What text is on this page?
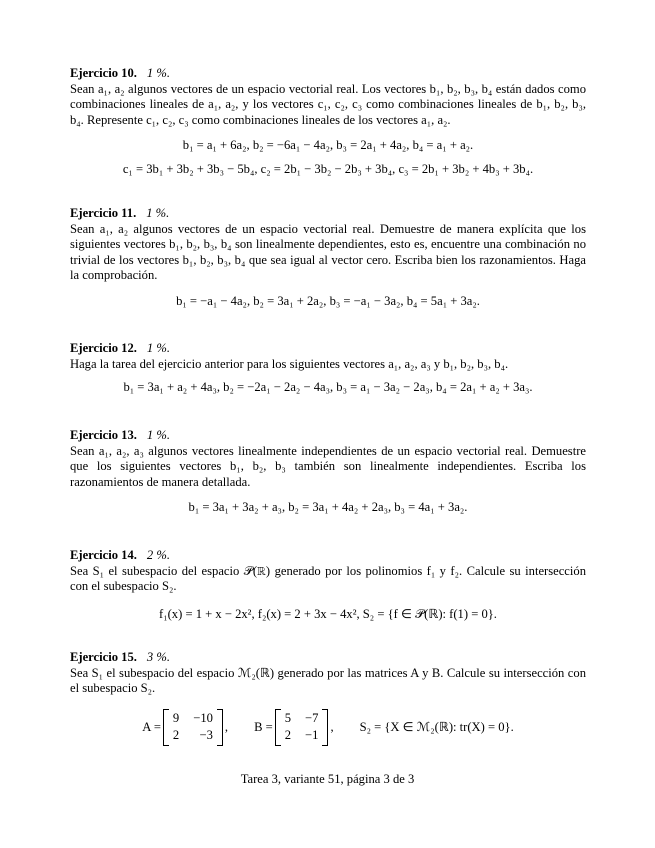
Ejercicio 10. 1 %.

Sean a₁, a₂ algunos vectores de un espacio vectorial real. Los vectores b₁, b₂, b₃, b₄ están dados como combinaciones lineales de a₁, a₂, y los vectores c₁, c₂, c₃ como combinaciones lineales de b₁, b₂, b₃, b₄. Represente c₁, c₂, c₃ como combinaciones lineales de los vectores a₁, a₂.

b₁ = a₁ + 6a₂, b₂ = −6a₁ − 4a₂, b₃ = 2a₁ + 4a₂, b₄ = a₁ + a₂.

c₁ = 3b₁ + 3b₂ + 3b₃ − 5b₄, c₂ = 2b₁ − 3b₂ − 2b₃ + 3b₄, c₃ = 2b₁ + 3b₂ + 4b₃ + 3b₄.

Ejercicio 11. 1 %.

Sean a₁, a₂ algunos vectores de un espacio vectorial real. Demuestre de manera explícita que los siguientes vectores b₁, b₂, b₃, b₄ son linealmente dependientes, esto es, encuentre una combinación no trivial de los vectores b₁, b₂, b₃, b₄ que sea igual al vector cero. Escriba bien los razonamientos. Haga la comprobación.

b₁ = −a₁ − 4a₂, b₂ = 3a₁ + 2a₂, b₃ = −a₁ − 3a₂, b₄ = 5a₁ + 3a₂.

Ejercicio 12. 1 %.

Haga la tarea del ejercicio anterior para los siguientes vectores a₁, a₂, a₃ y b₁, b₂, b₃, b₄.

b₁ = 3a₁ + a₂ + 4a₃, b₂ = −2a₁ − 2a₂ − 4a₃, b₃ = a₁ − 3a₂ − 2a₃, b₄ = 2a₁ + a₂ + 3a₃.

Ejercicio 13. 1 %.

Sean a₁, a₂, a₃ algunos vectores linealmente independientes de un espacio vectorial real. Demuestre que los siguientes vectores b₁, b₂, b₃ también son linealmente independientes. Escriba los razonamientos de manera detallada.

b₁ = 3a₁ + 3a₂ + a₃, b₂ = 3a₁ + 4a₂ + 2a₃, b₃ = 4a₁ + 3a₂.

Ejercicio 14. 2 %.

Sea S₁ el subespacio del espacio 𝒫(ℝ) generado por los polinomios f₁ y f₂. Calcule su intersección con el subespacio S₂.

f₁(x) = 1 + x − 2x², f₂(x) = 2 + 3x − 4x², S₂ = {f ∈ 𝒫(ℝ): f(1) = 0}.

Ejercicio 15. 3 %.

Sea S₁ el subespacio del espacio ℳ₂(ℝ) generado por las matrices A y B. Calcule su intersección con el subespacio S₂.

A =
9 −10
2	−3
, B =
5 −7
2 −1
, S₂ = {X ∈ ℳ₂(ℝ): tr(X) = 0}.
Tarea 3, variante 51, página 3 de 3
